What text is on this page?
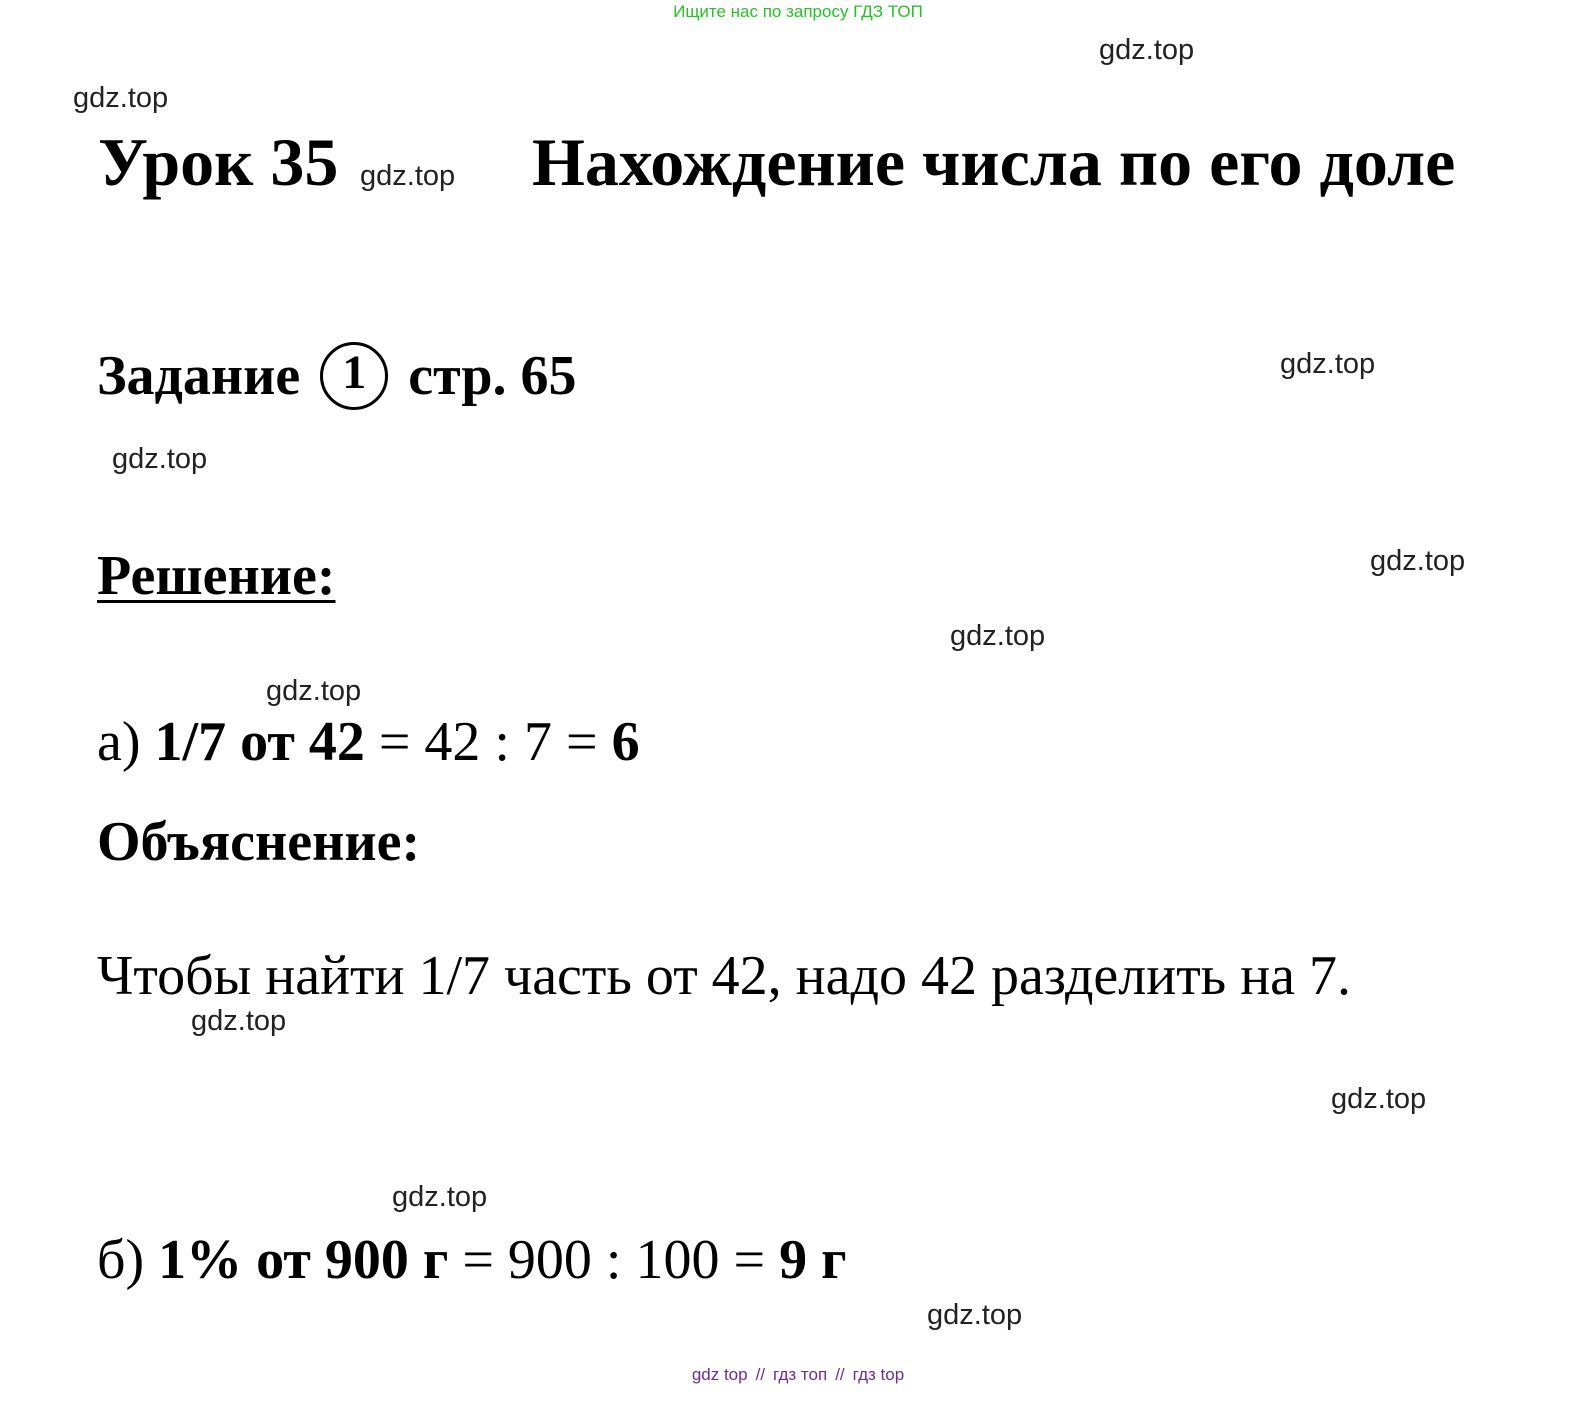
Ищите нас по запросу ГДЗ ТОП
gdz.top
gdz.top
gdz.top
gdz.top
gdz.top
gdz.top
gdz.top
gdz.top
gdz.top
gdz.top
gdz.top
gdz.top
Урок 35	Нахождение числа по его доле
Задание 1 стр. 65
Решение:
а) 1/7 от 42 = 42 : 7 = 6
Объяснение:
Чтобы найти 1/7 часть от 42, надо 42 разделить на 7.
б) 1% от 900 г = 900 : 100 = 9 г
gdz top // гдз топ // гдз top
